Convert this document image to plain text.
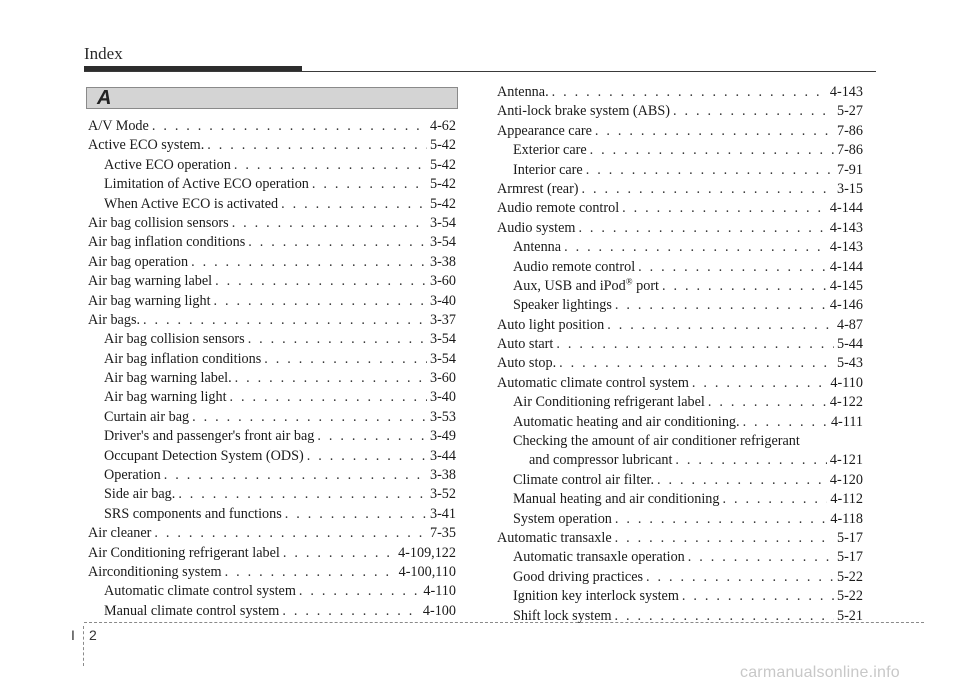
Index
A
A/V Mode . . .	4-62
Active ECO system. . . .	5-42
Active ECO operation . . .	5-42
Limitation of Active ECO operation . . .	5-42
When Active ECO is activated . . .	5-42
Air bag collision sensors . . .	3-54
Air bag inflation conditions . . .	3-54
Air bag operation . . .	3-38
Air bag warning label . . .	3-60
Air bag warning light . . .	3-40
Air bags. . . .	3-37
Air bag collision sensors . . .	3-54
Air bag inflation conditions . . .	3-54
Air bag warning label. . . .	3-60
Air bag warning light . . .	3-40
Curtain air bag . . .	3-53
Driver's and passenger's front air bag . . .	3-49
Occupant Detection System (ODS) . . .	3-44
Operation . . .	3-38
Side air bag. . . .	3-52
SRS components and functions . . .	3-41
Air cleaner . . .	7-35
Air Conditioning refrigerant label . . .	4-109,122
Airconditioning system . . .	4-100,110
Automatic climate control system . . .	4-110
Manual climate control system . . .	4-100
Antenna. . . .	4-143
Anti-lock brake system (ABS) . . .	5-27
Appearance care . . .	7-86
Exterior care . . .	7-86
Interior care . . .	7-91
Armrest (rear) . . .	3-15
Audio remote control . . .	4-144
Audio system . . .	4-143
Antenna . . .	4-143
Audio remote control . . .	4-144
Aux, USB and iPod® port . . .	4-145
Speaker lightings . . .	4-146
Auto light position . . .	4-87
Auto start . . .	5-44
Auto stop. . . .	5-43
Automatic climate control system . . .	4-110
Air Conditioning refrigerant label . . .	4-122
Automatic heating and air conditioning. . . .	4-111
Checking the amount of air conditioner refrigerant
and compressor lubricant . . .	4-121
Climate control air filter. . . .	4-120
Manual heating and air conditioning . . .	4-112
System operation . . .	4-118
Automatic transaxle . . .	5-17
Automatic transaxle operation . . .	5-17
Good driving practices . . .	5-22
Ignition key interlock system . . .	5-22
Shift lock system . . .	5-21
I 2
carmanualsonline.info
